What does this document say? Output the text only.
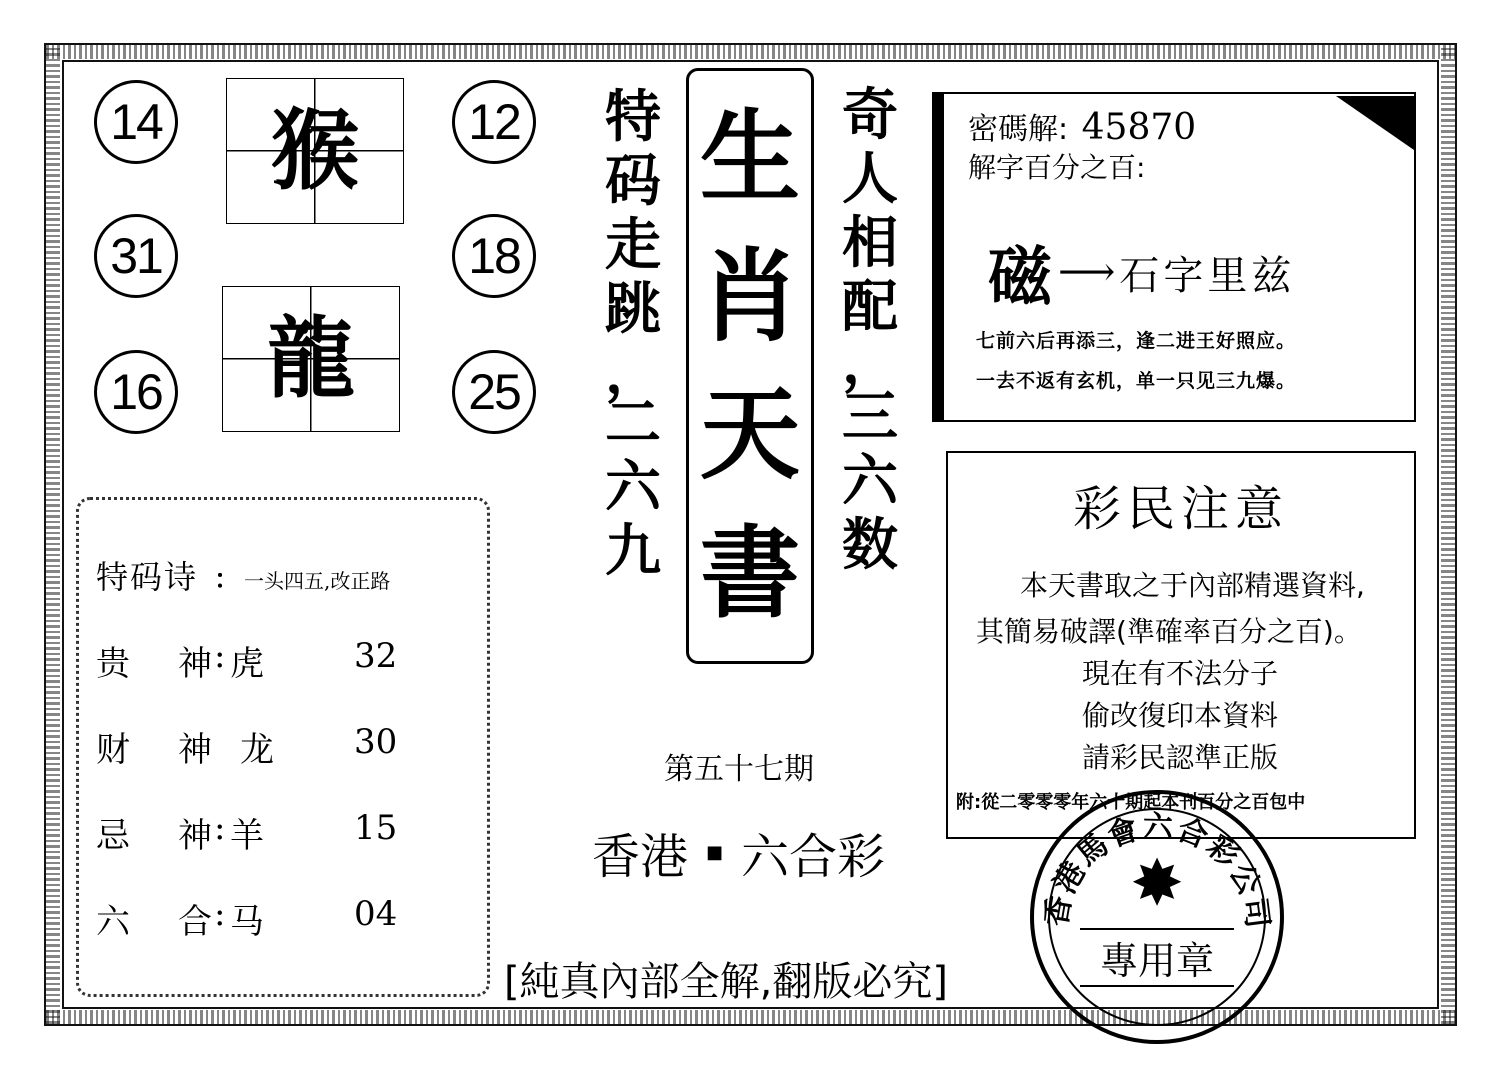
14
31
16
12
18
25
猴
龍
特
码
走
跳
，
二
六
九
生
肖
天
書
奇
人
相
配
，
三
六
数
密碼解: 45870
解字百分之百:
磁 ⟶ 石字里兹
七前六后再添三，逢二进王好照应。
一去不返有玄机，单一只见三九爆。
彩民注意
本天書取之于內部精選資料,
其簡易破譯(準確率百分之百)。
現在有不法分子
偷改復印本資料
請彩民認準正版
附:從二零零零年六十期起本刊百分之百包中
特码诗 ： 一头四五,改正路
贵 神 : 虎	32
财 神 龙 30
忌 神 : 羊	15
六 合 : 马	04
第五十七期
香港 ■ 六合彩
[純真內部全解,翻版必究]
香港馬會六合彩公司
✸
專用章
